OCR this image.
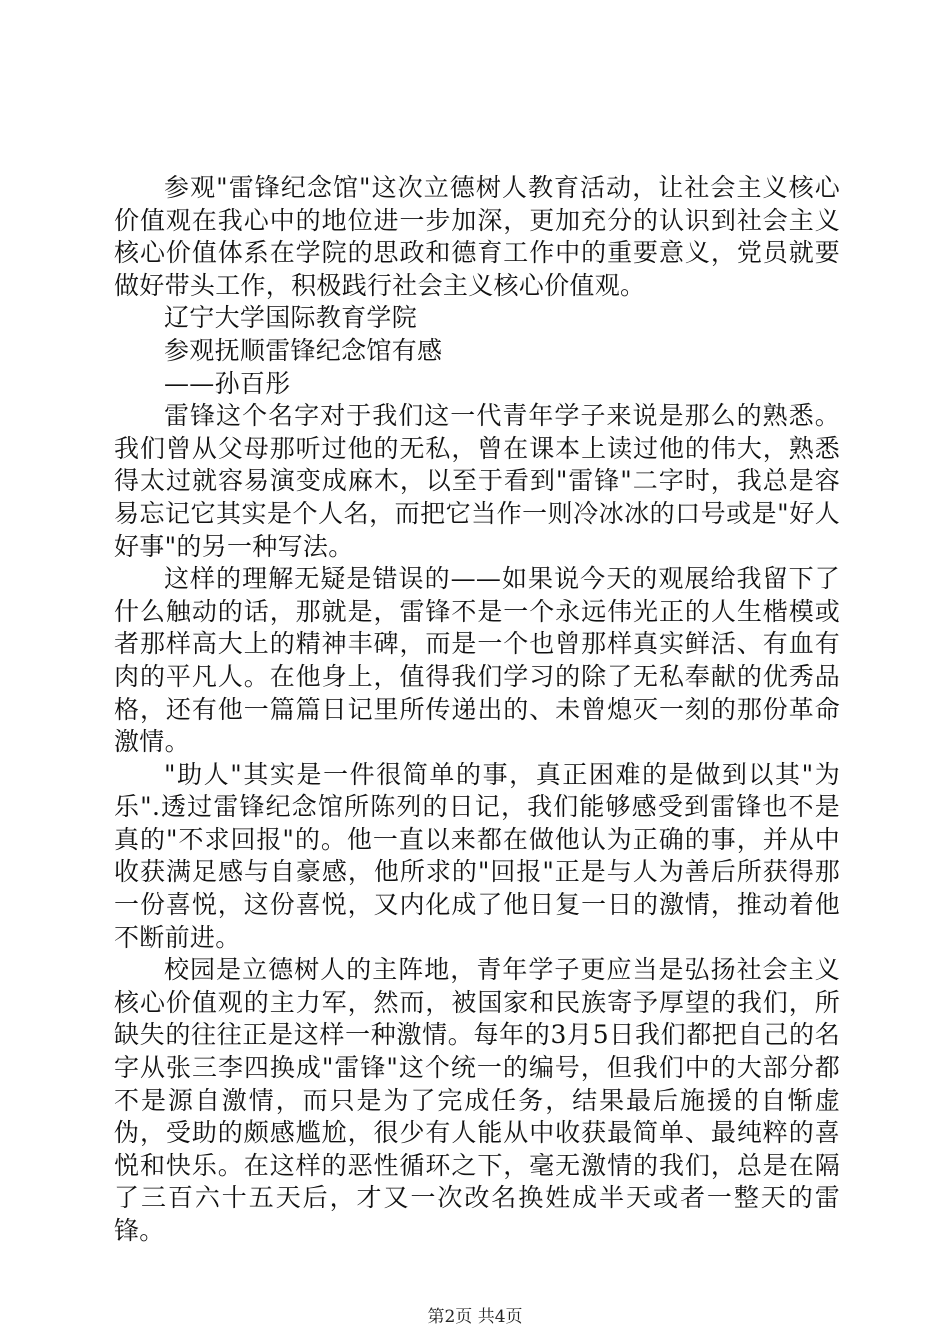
参观"雷锋纪念馆"这次立德树人教育活动，让社会主义核心价值观在我心中的地位进一步加深，更加充分的认识到社会主义核心价值体系在学院的思政和德育工作中的重要意义，党员就要做好带头工作，积极践行社会主义核心价值观。

辽宁大学国际教育学院

参观抚顺雷锋纪念馆有感

——孙百彤

雷锋这个名字对于我们这一代青年学子来说是那么的熟悉。我们曾从父母那听过他的无私，曾在课本上读过他的伟大，熟悉得太过就容易演变成麻木，以至于看到"雷锋"二字时，我总是容易忘记它其实是个人名，而把它当作一则冷冰冰的口号或是"好人好事"的另一种写法。

这样的理解无疑是错误的——如果说今天的观展给我留下了什么触动的话，那就是，雷锋不是一个永远伟光正的人生楷模或者那样高大上的精神丰碑，而是一个也曾那样真实鲜活、有血有肉的平凡人。在他身上，值得我们学习的除了无私奉献的优秀品格，还有他一篇篇日记里所传递出的、未曾熄灭一刻的那份革命激情。

"助人"其实是一件很简单的事，真正困难的是做到以其"为乐".透过雷锋纪念馆所陈列的日记，我们能够感受到雷锋也不是真的"不求回报"的。他一直以来都在做他认为正确的事，并从中收获满足感与自豪感，他所求的"回报"正是与人为善后所获得那一份喜悦，这份喜悦，又内化成了他日复一日的激情，推动着他不断前进。

校园是立德树人的主阵地，青年学子更应当是弘扬社会主义核心价值观的主力军，然而，被国家和民族寄予厚望的我们，所缺失的往往正是这样一种激情。每年的3月5日我们都把自己的名字从张三李四换成"雷锋"这个统一的编号，但我们中的大部分都不是源自激情，而只是为了完成任务，结果最后施援的自惭虚伪，受助的颇感尴尬，很少有人能从中收获最简单、最纯粹的喜悦和快乐。在这样的恶性循环之下，毫无激情的我们，总是在隔了三百六十五天后，才又一次改名换姓成半天或者一整天的雷锋。

第2页 共4页
